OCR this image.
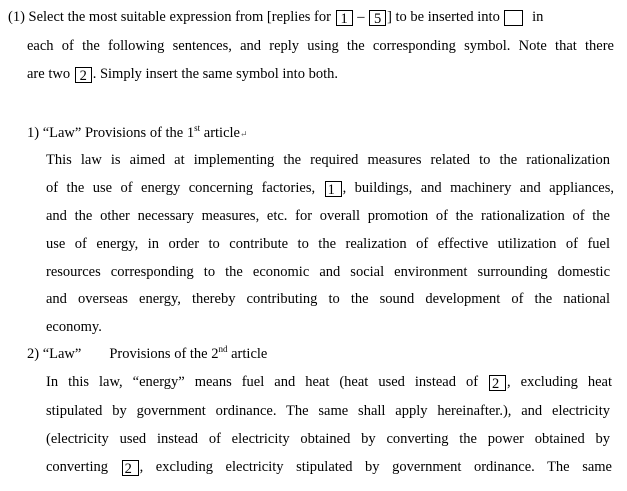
(1) Select the most suitable expression from [replies for 1 – 5 ] to be inserted into in
each of the following sentences, and reply using the corresponding symbol. Note that there
are two 2 . Simply insert the same symbol into both.
1) “Law” Provisions of the 1st article↵
This law is aimed at implementing the required measures related to the rationalization
of the use of energy concerning factories, 1 , buildings, and machinery and appliances,
and the other necessary measures, etc. for overall promotion of the rationalization of the
use of energy, in order to contribute to the realization of effective utilization of fuel
resources corresponding to the economic and social environment surrounding domestic
and overseas energy, thereby contributing to the sound development of the national
economy.
2) “Law” Provisions of the 2nd article
In this law, “energy” means fuel and heat (heat used instead of 2 , excluding heat
stipulated by government ordinance. The same shall apply hereinafter.), and electricity
(electricity used instead of electricity obtained by converting the power obtained by
converting 2 , excluding electricity stipulated by government ordinance. The same
